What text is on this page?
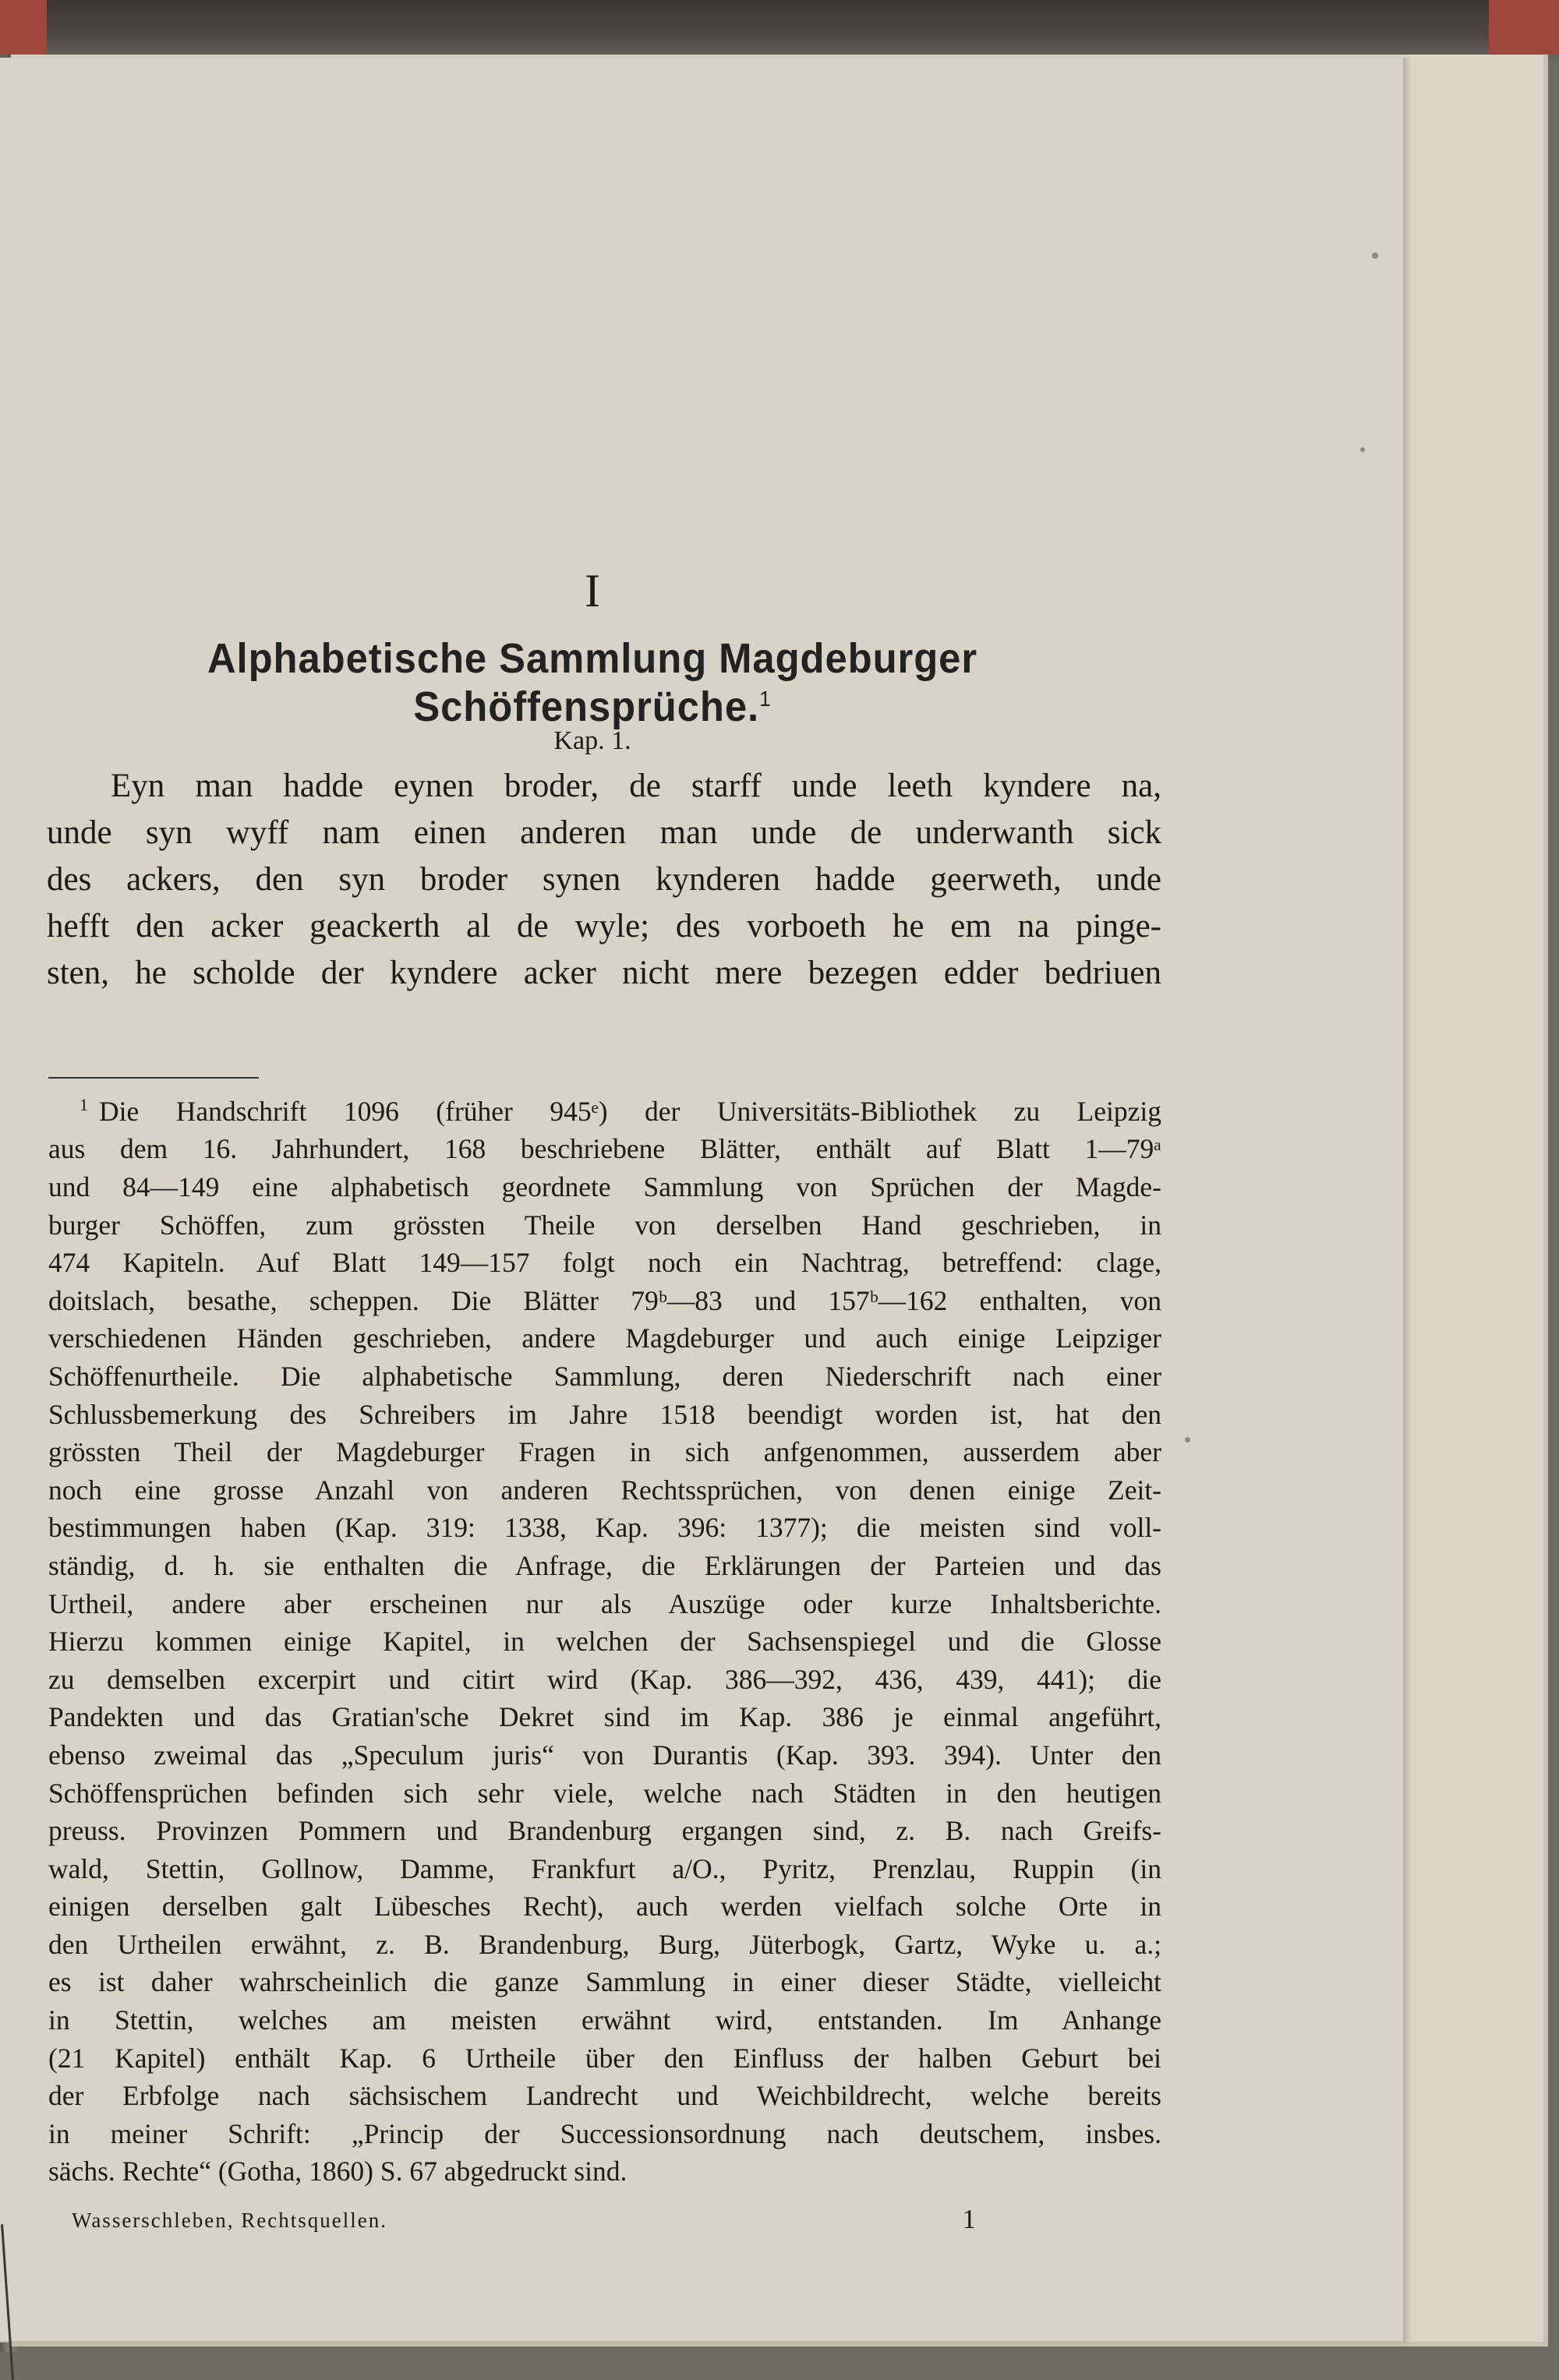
I
Alphabetische Sammlung Magdeburger Schöffensprüche.$^1$
Kap. 1.
Eyn man hadde eynen broder, de starff unde leeth kyndere na,
unde syn wyff nam einen anderen man unde de underwanth sick
des ackers, den syn broder synen kynderen hadde geerweth, unde
hefft den acker geackerth al de wyle; des vorboeth he em na pinge-
sten, he scholde der kyndere acker nicht mere bezegen edder bedriuen
$^1$ Die Handschrift 1096 (früher 945ᵉ) der Universitäts-Bibliothek zu Leipzig
aus dem 16. Jahrhundert, 168 beschriebene Blätter, enthält auf Blatt 1—79ᵃ
und 84—149 eine alphabetisch geordnete Sammlung von Sprüchen der Magde-
burger Schöffen, zum grössten Theile von derselben Hand geschrieben, in
474 Kapiteln. Auf Blatt 149—157 folgt noch ein Nachtrag, betreffend: clage,
doitslach, besathe, scheppen. Die Blätter 79ᵇ—83 und 157ᵇ—162 enthalten, von
verschiedenen Händen geschrieben, andere Magdeburger und auch einige Leipziger
Schöffenurtheile. Die alphabetische Sammlung, deren Niederschrift nach einer
Schlussbemerkung des Schreibers im Jahre 1518 beendigt worden ist, hat den
grössten Theil der Magdeburger Fragen in sich anfgenommen, ausserdem aber
noch eine grosse Anzahl von anderen Rechtssprüchen, von denen einige Zeit-
bestimmungen haben (Kap. 319: 1338, Kap. 396: 1377); die meisten sind voll-
ständig, d. h. sie enthalten die Anfrage, die Erklärungen der Parteien und das
Urtheil, andere aber erscheinen nur als Auszüge oder kurze Inhaltsberichte.
Hierzu kommen einige Kapitel, in welchen der Sachsenspiegel und die Glosse
zu demselben excerpirt und citirt wird (Kap. 386—392, 436, 439, 441); die
Pandekten und das Gratian'sche Dekret sind im Kap. 386 je einmal angeführt,
ebenso zweimal das „Speculum juris“ von Durantis (Kap. 393. 394). Unter den
Schöffensprüchen befinden sich sehr viele, welche nach Städten in den heutigen
preuss. Provinzen Pommern und Brandenburg ergangen sind, z. B. nach Greifs-
wald, Stettin, Gollnow, Damme, Frankfurt a/O., Pyritz, Prenzlau, Ruppin (in
einigen derselben galt Lübesches Recht), auch werden vielfach solche Orte in
den Urtheilen erwähnt, z. B. Brandenburg, Burg, Jüterbogk, Gartz, Wyke u. a.;
es ist daher wahrscheinlich die ganze Sammlung in einer dieser Städte, vielleicht
in Stettin, welches am meisten erwähnt wird, entstanden. Im Anhange
(21 Kapitel) enthält Kap. 6 Urtheile über den Einfluss der halben Geburt bei
der Erbfolge nach sächsischem Landrecht und Weichbildrecht, welche bereits
in meiner Schrift: „Princip der Successionsordnung nach deutschem, insbes.
sächs. Rechte“ (Gotha, 1860) S. 67 abgedruckt sind.
Wasserschleben, Rechtsquellen.	1
